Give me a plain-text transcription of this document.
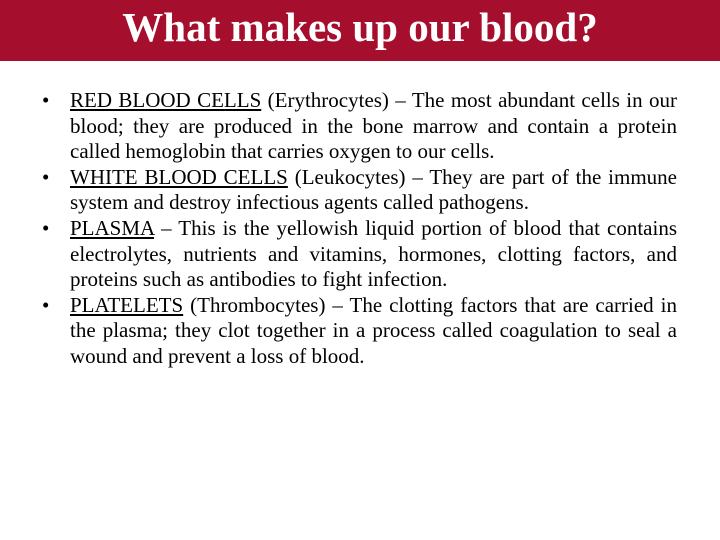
What makes up our blood?
• RED BLOOD CELLS (Erythrocytes) – The most abundant cells in our blood; they are produced in the bone marrow and contain a protein called hemoglobin that carries oxygen to our cells.
• WHITE BLOOD CELLS (Leukocytes) – They are part of the immune system and destroy infectious agents called pathogens.
• PLASMA – This is the yellowish liquid portion of blood that contains electrolytes, nutrients and vitamins, hormones, clotting factors, and proteins such as antibodies to fight infection.
• PLATELETS (Thrombocytes) – The clotting factors that are carried in the plasma; they clot together in a process called coagulation to seal a wound and prevent a loss of blood.
